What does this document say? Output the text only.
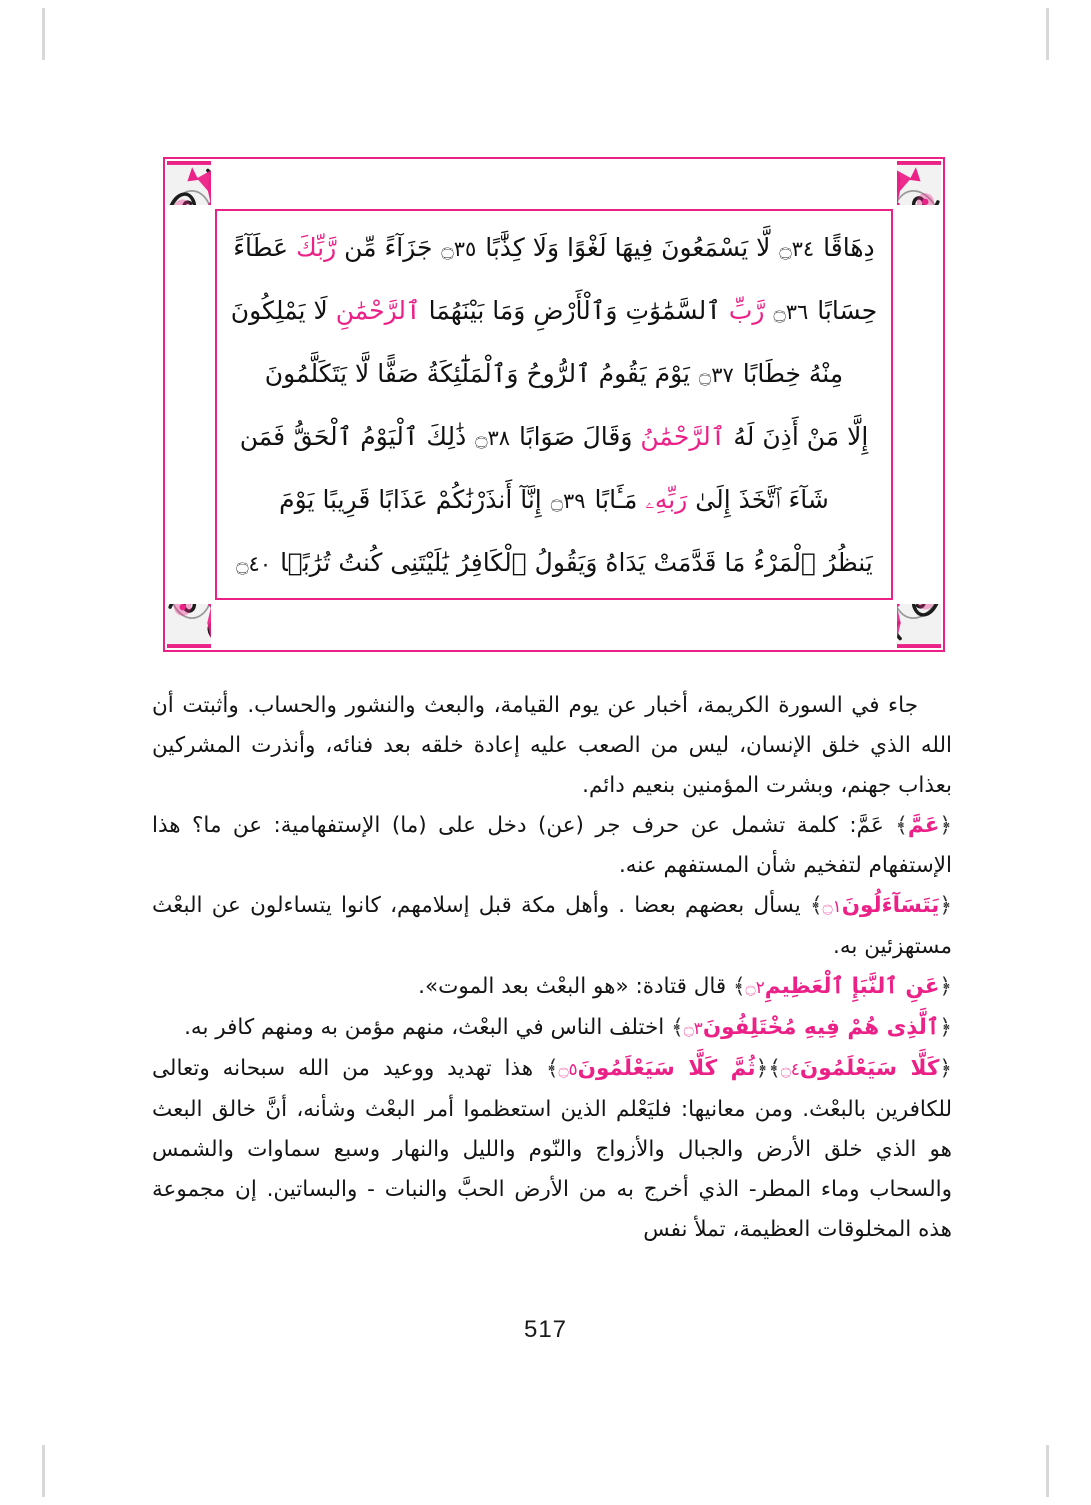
دِهَاقًا ۝٣٤ لَّا يَسْمَعُونَ فِيهَا لَغْوًا وَلَا كِذَّٰبًا ۝٣٥ جَزَآءً مِّن رَّبِّكَ عَطَآءً
حِسَابًا ۝٣٦ رَّبِّ ٱلسَّمَٰوَٰتِ وَٱلْأَرْضِ وَمَا بَيْنَهُمَا ٱلرَّحْمَٰنِ لَا يَمْلِكُونَ
مِنْهُ خِطَابًا ۝٣٧ يَوْمَ يَقُومُ ٱلرُّوحُ وَٱلْمَلَٰٓئِكَةُ صَفًّا لَّا يَتَكَلَّمُونَ
إِلَّا مَنْ أَذِنَ لَهُ ٱلرَّحْمَٰنُ وَقَالَ صَوَابًا ۝٣٨ ذَٰلِكَ ٱلْيَوْمُ ٱلْحَقُّ فَمَن
شَآءَ ٱتَّخَذَ إِلَىٰ رَبِّهِۦ مَـَٔابًا ۝٣٩ إِنَّآ أَنذَرْنَٰكُمْ عَذَابًا قَرِيبًا يَوْمَ
يَنظُرُ ٱلْمَرْءُ مَا قَدَّمَتْ يَدَاهُ وَيَقُولُ ٱلْكَافِرُ يَٰلَيْتَنِى كُنتُ تُرَٰبًۢا ۝٤٠

جاء في السورة الكريمة، أخبار عن يوم القيامة، والبعث والنشور والحساب. وأثبتت أن الله الذي خلق الإنسان، ليس من الصعب عليه إعادة خلقه بعد فنائه، وأنذرت المشركين بعذاب جهنم، وبشرت المؤمنين بنعيم دائم.

﴿عَمَّ﴾ عَمَّ: كلمة تشمل عن حرف جر (عن) دخل على (ما) الإستفهامية: عن ما؟ هذا الإستفهام لتفخيم شأن المستفهم عنه.

﴿يَتَسَآءَلُونَ۝١﴾ يسأل بعضهم بعضا . وأهل مكة قبل إسلامهم، كانوا يتساءلون عن البعْث مستهزئين به.

﴿عَنِ ٱلنَّبَإِ ٱلْعَظِيمِ۝٢﴾ قال قتادة: «هو البعْث بعد الموت».

﴿ٱلَّذِى هُمْ فِيهِ مُخْتَلِفُونَ۝٣﴾ اختلف الناس في البعْث، منهم مؤمن به ومنهم كافر به.

﴿كَلَّا سَيَعْلَمُونَ۝٤﴾﴿ثُمَّ كَلَّا سَيَعْلَمُونَ۝٥﴾ هذا تهديد ووعيد من الله سبحانه وتعالى للكافرين بالبعْث. ومن معانيها: فليَعْلم الذين استعظموا أمر البعْث وشأنه، أنَّ خالق البعث هو الذي خلق الأرض والجبال والأزواج والنّوم والليل والنهار وسبع سماوات والشمس والسحاب وماء المطر- الذي أخرج به من الأرض الحبَّ والنبات - والبساتين. إن مجموعة هذه المخلوقات العظيمة، تملأ نفس

517
